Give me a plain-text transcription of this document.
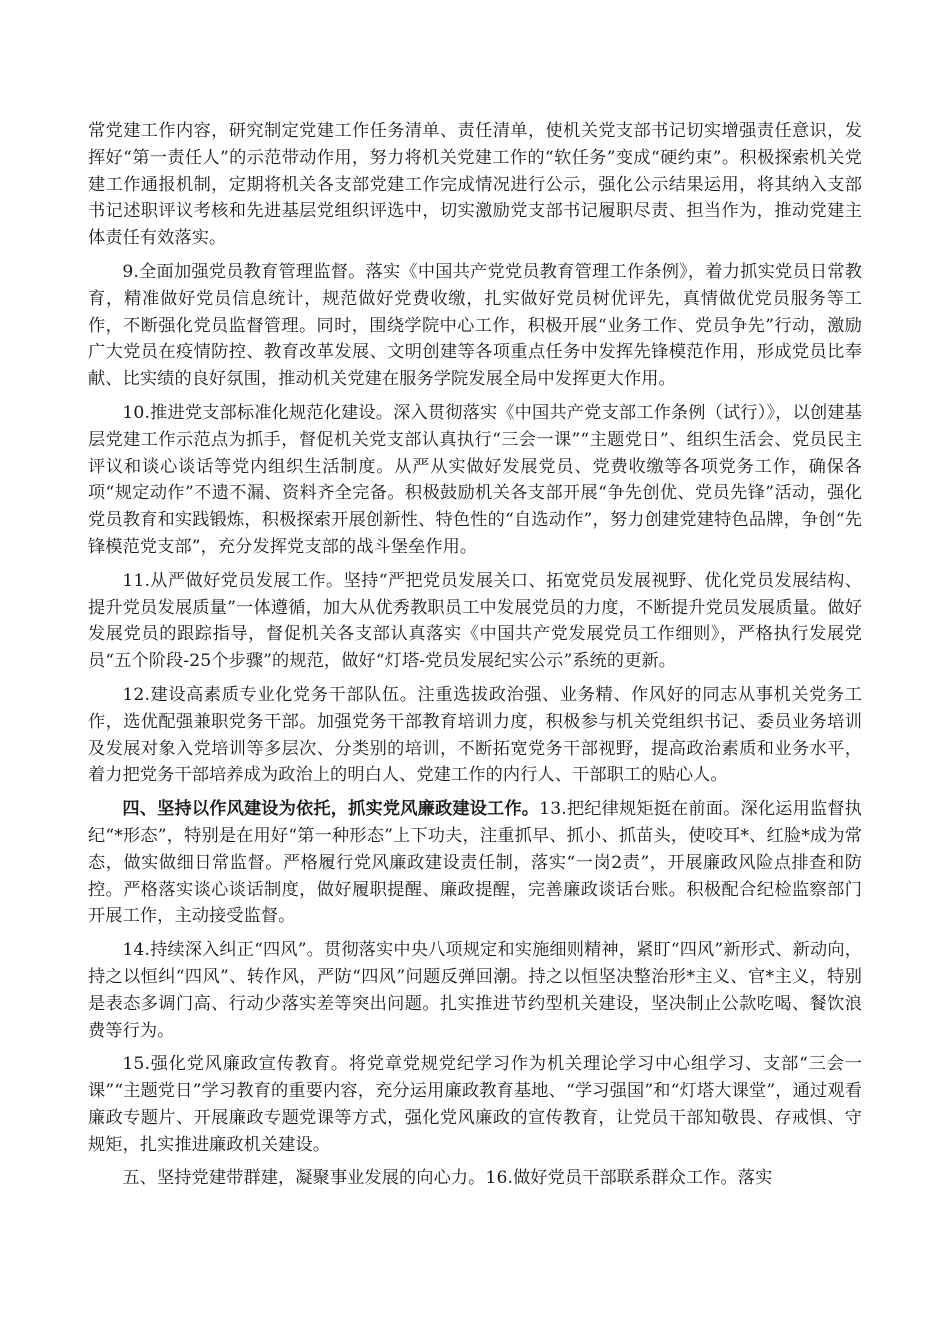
常党建工作内容，研究制定党建工作任务清单、责任清单，使机关党支部书记切实增强责任意识，发挥好“第一责任人”的示范带动作用，努力将机关党建工作的“软任务”变成“硬约束”。积极探索机关党建工作通报机制，定期将机关各支部党建工作完成情况进行公示，强化公示结果运用，将其纳入支部书记述职评议考核和先进基层党组织评选中，切实激励党支部书记履职尽责、担当作为，推动党建主体责任有效落实。

9.全面加强党员教育管理监督。落实《中国共产党党员教育管理工作条例》，着力抓实党员日常教育，精准做好党员信息统计，规范做好党费收缴，扎实做好党员树优评先，真情做优党员服务等工作，不断强化党员监督管理。同时，围绕学院中心工作，积极开展“业务工作、党员争先”行动，激励广大党员在疫情防控、教育改革发展、文明创建等各项重点任务中发挥先锋模范作用，形成党员比奉献、比实绩的良好氛围，推动机关党建在服务学院发展全局中发挥更大作用。

10.推进党支部标准化规范化建设。深入贯彻落实《中国共产党支部工作条例（试行）》，以创建基层党建工作示范点为抓手，督促机关党支部认真执行“三会一课”“主题党日”、组织生活会、党员民主评议和谈心谈话等党内组织生活制度。从严从实做好发展党员、党费收缴等各项党务工作，确保各项“规定动作”不遗不漏、资料齐全完备。积极鼓励机关各支部开展“争先创优、党员先锋”活动，强化党员教育和实践锻炼，积极探索开展创新性、特色性的“自选动作”，努力创建党建特色品牌，争创“先锋模范党支部”，充分发挥党支部的战斗堡垒作用。

11.从严做好党员发展工作。坚持“严把党员发展关口、拓宽党员发展视野、优化党员发展结构、提升党员发展质量”一体遵循，加大从优秀教职员工中发展党员的力度，不断提升党员发展质量。做好发展党员的跟踪指导，督促机关各支部认真落实《中国共产党发展党员工作细则》，严格执行发展党员“五个阶段-25个步骤”的规范，做好“灯塔-党员发展纪实公示”系统的更新。

12.建设高素质专业化党务干部队伍。注重选拔政治强、业务精、作风好的同志从事机关党务工作，选优配强兼职党务干部。加强党务干部教育培训力度，积极参与机关党组织书记、委员业务培训及发展对象入党培训等多层次、分类别的培训，不断拓宽党务干部视野，提高政治素质和业务水平，着力把党务干部培养成为政治上的明白人、党建工作的内行人、干部职工的贴心人。

四、坚持以作风建设为依托，抓实党风廉政建设工作。13.把纪律规矩挺在前面。深化运用监督执纪“*形态”，特别是在用好“第一种形态”上下功夫，注重抓早、抓小、抓苗头，使咬耳*、红脸*成为常态，做实做细日常监督。严格履行党风廉政建设责任制，落实“一岗2责”，开展廉政风险点排查和防控。严格落实谈心谈话制度，做好履职提醒、廉政提醒，完善廉政谈话台账。积极配合纪检监察部门开展工作，主动接受监督。

14.持续深入纠正“四风”。贯彻落实中央八项规定和实施细则精神，紧盯“四风”新形式、新动向，持之以恒纠“四风”、转作风，严防“四风”问题反弹回潮。持之以恒坚决整治形*主义、官*主义，特别是表态多调门高、行动少落实差等突出问题。扎实推进节约型机关建设，坚决制止公款吃喝、餐饮浪费等行为。

15.强化党风廉政宣传教育。将党章党规党纪学习作为机关理论学习中心组学习、支部“三会一课”“主题党日”学习教育的重要内容，充分运用廉政教育基地、“学习强国”和“灯塔大课堂”，通过观看廉政专题片、开展廉政专题党课等方式，强化党风廉政的宣传教育，让党员干部知敬畏、存戒惧、守规矩，扎实推进廉政机关建设。

五、坚持党建带群建，凝聚事业发展的向心力。16.做好党员干部联系群众工作。落实
